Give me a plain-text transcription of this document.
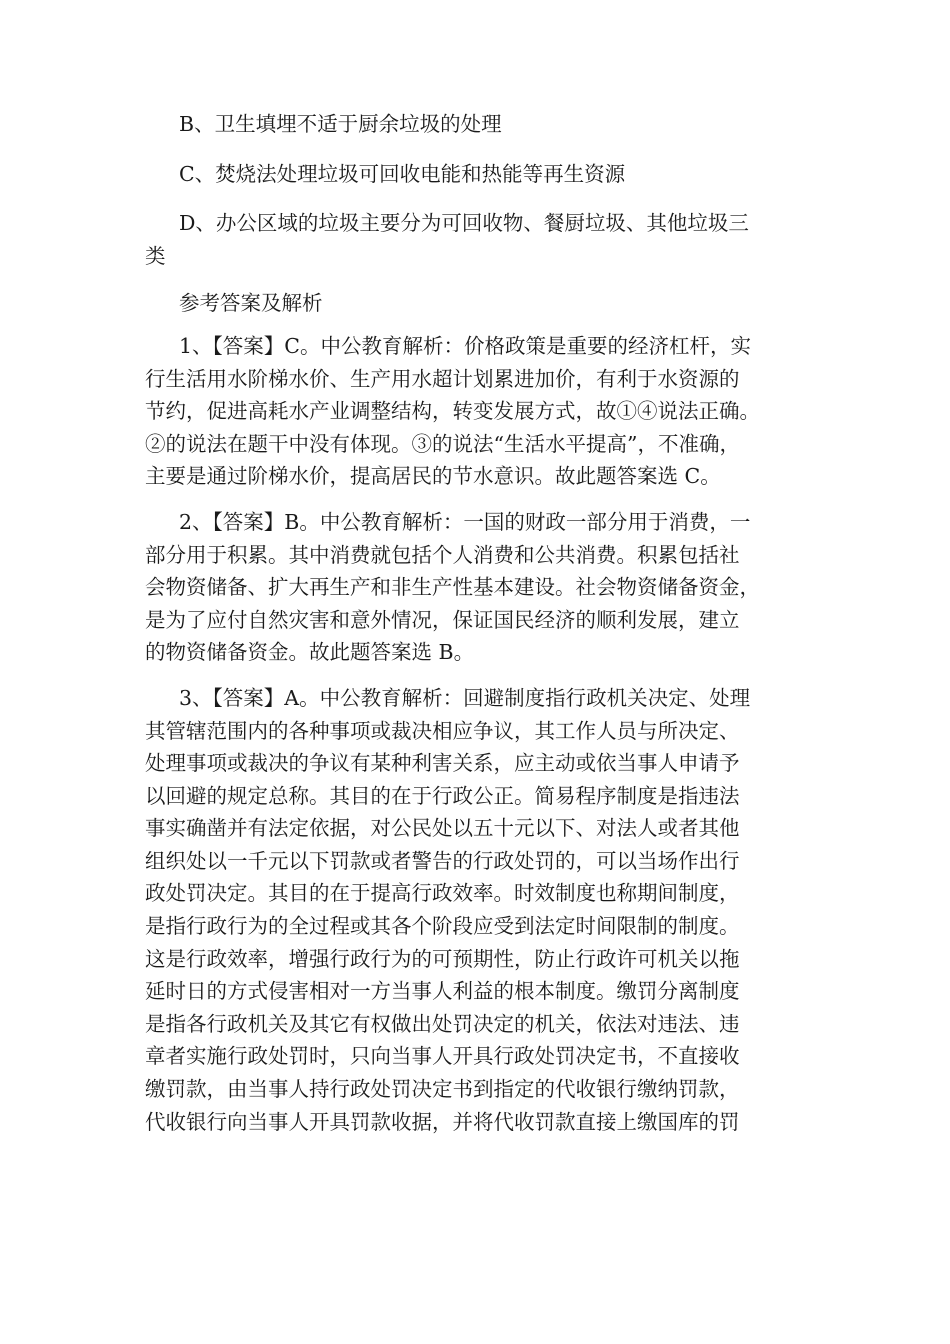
B、卫生填埋不适于厨余垃圾的处理
C、焚烧法处理垃圾可回收电能和热能等再生资源
D、办公区域的垃圾主要分为可回收物、餐厨垃圾、其他垃圾三
类
参考答案及解析
1、【答案】C。中公教育解析：价格政策是重要的经济杠杆，实
行生活用水阶梯水价、生产用水超计划累进加价，有利于水资源的
节约，促进高耗水产业调整结构，转变发展方式，故①④说法正确。
②的说法在题干中没有体现。③的说法“生活水平提高”，不准确，
主要是通过阶梯水价，提高居民的节水意识。故此题答案选 C。
2、【答案】B。中公教育解析：一国的财政一部分用于消费，一
部分用于积累。其中消费就包括个人消费和公共消费。积累包括社
会物资储备、扩大再生产和非生产性基本建设。社会物资储备资金，
是为了应付自然灾害和意外情况，保证国民经济的顺利发展，建立
的物资储备资金。故此题答案选 B。
3、【答案】A。中公教育解析：回避制度指行政机关决定、处理
其管辖范围内的各种事项或裁决相应争议，其工作人员与所决定、
处理事项或裁决的争议有某种利害关系，应主动或依当事人申请予
以回避的规定总称。其目的在于行政公正。简易程序制度是指违法
事实确凿并有法定依据，对公民处以五十元以下、对法人或者其他
组织处以一千元以下罚款或者警告的行政处罚的，可以当场作出行
政处罚决定。其目的在于提高行政效率。时效制度也称期间制度，
是指行政行为的全过程或其各个阶段应受到法定时间限制的制度。
这是行政效率，增强行政行为的可预期性，防止行政许可机关以拖
延时日的方式侵害相对一方当事人利益的根本制度。缴罚分离制度
是指各行政机关及其它有权做出处罚决定的机关，依法对违法、违
章者实施行政处罚时，只向当事人开具行政处罚决定书，不直接收
缴罚款，由当事人持行政处罚决定书到指定的代收银行缴纳罚款，
代收银行向当事人开具罚款收据，并将代收罚款直接上缴国库的罚
